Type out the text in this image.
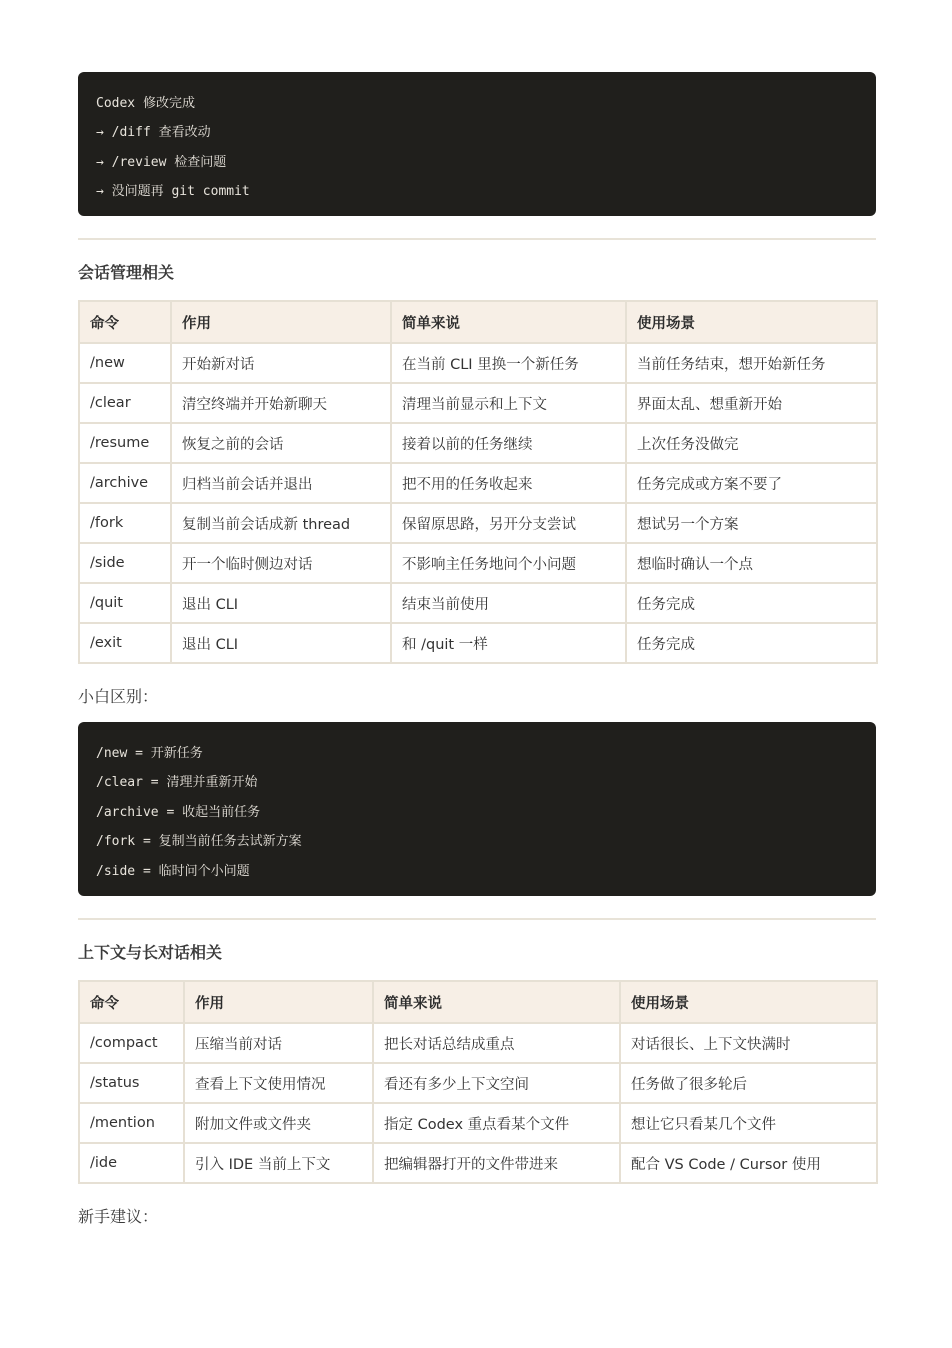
Codex 修改完成
→ /diff 查看改动
→ /review 检查问题
→ 没问题再 git commit
会话管理相关
命令	作用	简单来说	使用场景
/new	开始新对话	在当前 CLI 里换一个新任务	当前任务结束，想开始新任务
/clear	清空终端并开始新聊天	清理当前显示和上下文	界面太乱、想重新开始
/resume	恢复之前的会话	接着以前的任务继续	上次任务没做完
/archive	归档当前会话并退出	把不用的任务收起来	任务完成或方案不要了
/fork	复制当前会话成新 thread	保留原思路，另开分支尝试	想试另一个方案
/side	开一个临时侧边对话	不影响主任务地问个小问题	想临时确认一个点
/quit	退出 CLI	结束当前使用	任务完成
/exit	退出 CLI	和 /quit 一样	任务完成
小白区别：
/new = 开新任务
/clear = 清理并重新开始
/archive = 收起当前任务
/fork = 复制当前任务去试新方案
/side = 临时问个小问题
上下文与长对话相关
命令	作用	简单来说	使用场景
/compact	压缩当前对话	把长对话总结成重点	对话很长、上下文快满时
/status	查看上下文使用情况	看还有多少上下文空间	任务做了很多轮后
/mention	附加文件或文件夹	指定 Codex 重点看某个文件	想让它只看某几个文件
/ide	引入 IDE 当前上下文	把编辑器打开的文件带进来	配合 VS Code / Cursor 使用
新手建议：
